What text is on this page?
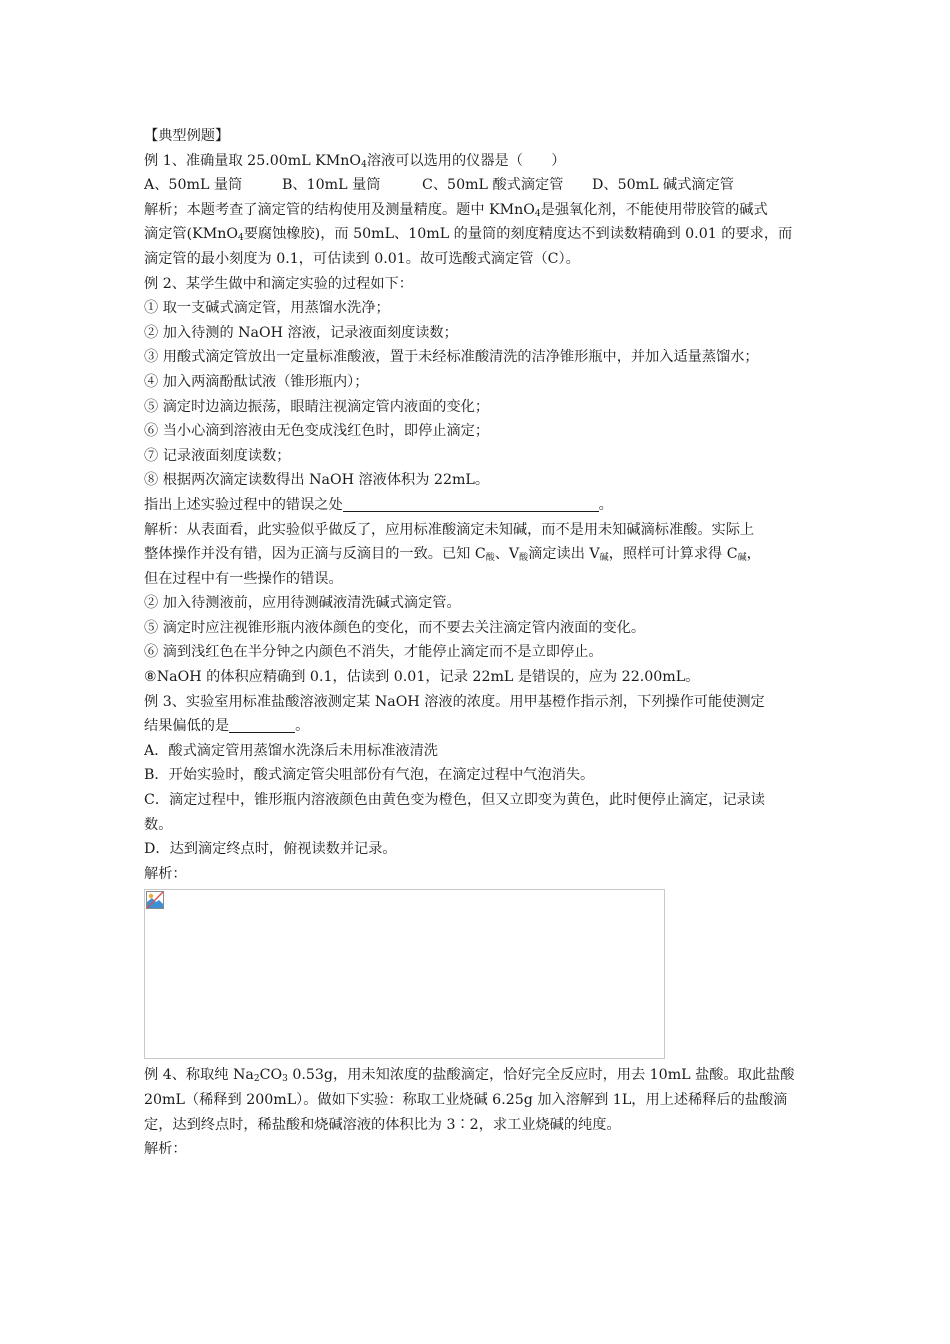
【典型例题】
例 1、准确量取 25.00mL KMnO$_4$溶液可以选用的仪器是（　　）
A、50mL 量筒	B、10mL 量筒	C、50mL 酸式滴定管	D、50mL 碱式滴定管
解析；本题考查了滴定管的结构使用及测量精度。题中 KMnO$_4$是强氧化剂，不能使用带胶管的碱式
滴定管(KMnO$_4$要腐蚀橡胶)，而 50mL、10mL 的量筒的刻度精度达不到读数精确到 0.01 的要求，而
滴定管的最小刻度为 0.1，可估读到 0.01。故可选酸式滴定管（C）。
例 2、某学生做中和滴定实验的过程如下：
① 取一支碱式滴定管，用蒸馏水洗净；
② 加入待测的 NaOH 溶液，记录液面刻度读数；
③ 用酸式滴定管放出一定量标准酸液，置于未经标准酸清洗的洁净锥形瓶中，并加入适量蒸馏水；
④ 加入两滴酚酞试液（锥形瓶内）；
⑤ 滴定时边滴边振荡，眼睛注视滴定管内液面的变化；
⑥ 当小心滴到溶液由无色变成浅红色时，即停止滴定；
⑦ 记录液面刻度读数；
⑧ 根据两次滴定读数得出 NaOH 溶液体积为 22mL。
指出上述实验过程中的错误之处	。
解析：从表面看，此实验似乎做反了，应用标准酸滴定未知碱，而不是用未知碱滴标准酸。实际上
整体操作并没有错，因为正滴与反滴目的一致。已知 $C_酸$、$V_酸$滴定读出 $V_碱$，照样可计算求得 $C_碱$，
但在过程中有一些操作的错误。
② 加入待测液前，应用待测碱液清洗碱式滴定管。
⑤ 滴定时应注视锥形瓶内液体颜色的变化，而不要去关注滴定管内液面的变化。
⑥ 滴到浅红色在半分钟之内颜色不消失，才能停止滴定而不是立即停止。
⑧NaOH 的体积应精确到 0.1，估读到 0.01，记录 22mL 是错误的，应为 22.00mL。
例 3、实验室用标准盐酸溶液测定某 NaOH 溶液的浓度。用甲基橙作指示剂，下列操作可能使测定
结果偏低的是	。
A．酸式滴定管用蒸馏水洗涤后未用标准液清洗
B．开始实验时，酸式滴定管尖咀部份有气泡，在滴定过程中气泡消失。
C．滴定过程中，锥形瓶内溶液颜色由黄色变为橙色，但又立即变为黄色，此时便停止滴定，记录读
数。
D．达到滴定终点时，俯视读数并记录。
解析：
例 4、称取纯 $Na_2CO_3$ 0.53g，用未知浓度的盐酸滴定，恰好完全反应时，用去 10mL 盐酸。取此盐酸
20mL（稀释到 200mL）。做如下实验：称取工业烧碱 6.25g 加入溶解到 1L，用上述稀释后的盐酸滴
定，达到终点时，稀盐酸和烧碱溶液的体积比为 3∶2，求工业烧碱的纯度。
解析：
